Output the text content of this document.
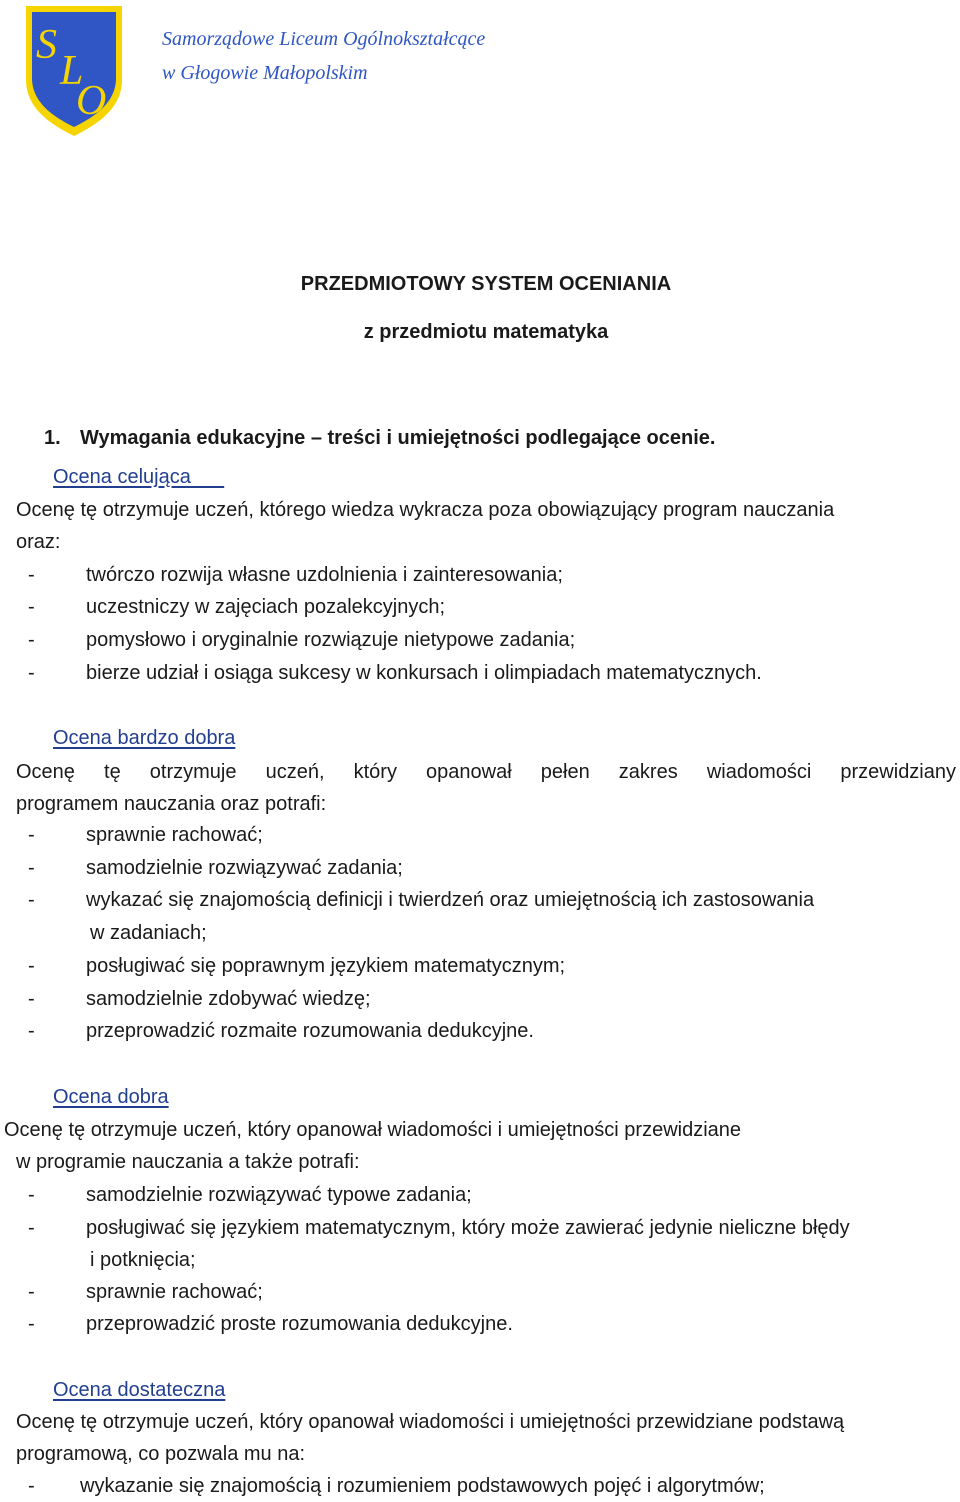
S
L
O
Samorządowe Liceum Ogólnokształcące
w Głogowie Małopolskim
PRZEDMIOTOWY SYSTEM OCENIANIA
z przedmiotu matematyka
1. Wymagania edukacyjne – treści i umiejętności podlegające ocenie.
Ocena celująca
Ocenę tę otrzymuje uczeń, którego wiedza wykracza poza obowiązujący program nauczania
oraz:
-	twórczo rozwija własne uzdolnienia i zainteresowania;
-	uczestniczy w zajęciach pozalekcyjnych;
-	pomysłowo i oryginalnie rozwiązuje nietypowe zadania;
-	bierze udział i osiąga sukcesy w konkursach i olimpiadach matematycznych.
Ocena bardzo dobra
Ocenę tę otrzymuje uczeń, który opanował pełen zakres wiadomości przewidziany
programem nauczania oraz potrafi:
-	sprawnie rachować;
-	samodzielnie rozwiązywać zadania;
-	wykazać się znajomością definicji i twierdzeń oraz umiejętnością ich zastosowania
w zadaniach;
-	posługiwać się poprawnym językiem matematycznym;
-	samodzielnie zdobywać wiedzę;
-	przeprowadzić rozmaite rozumowania dedukcyjne.
Ocena dobra
Ocenę tę otrzymuje uczeń, który opanował wiadomości i umiejętności przewidziane
w programie nauczania a także potrafi:
-	samodzielnie rozwiązywać typowe zadania;
-	posługiwać się językiem matematycznym, który może zawierać jedynie nieliczne błędy
i potknięcia;
-	sprawnie rachować;
-	przeprowadzić proste rozumowania dedukcyjne.
Ocena dostateczna
Ocenę tę otrzymuje uczeń, który opanował wiadomości i umiejętności przewidziane podstawą
programową, co pozwala mu na:
- wykazanie się znajomością i rozumieniem podstawowych pojęć i algorytmów;
